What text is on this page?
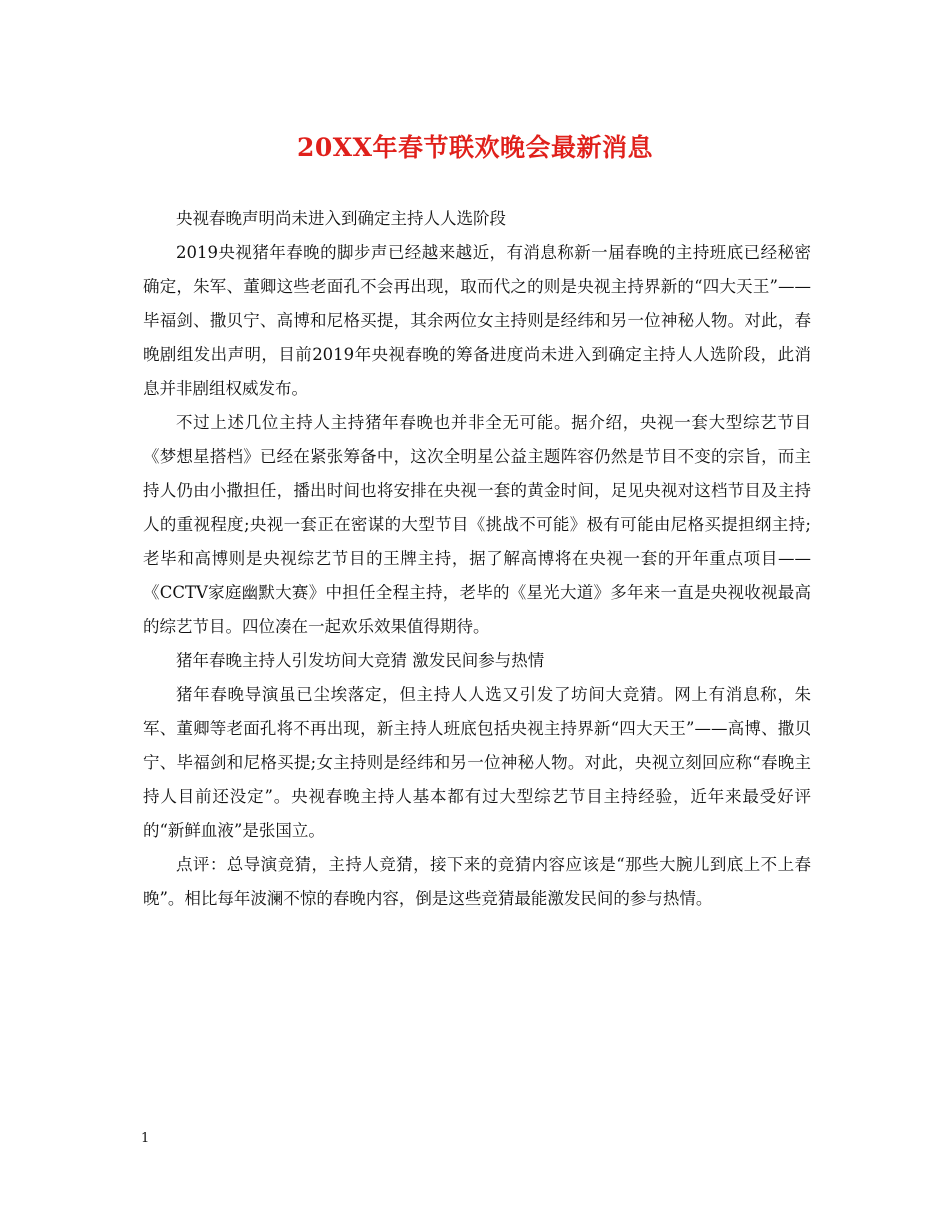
20XX年春节联欢晚会最新消息

央视春晚声明尚未进入到确定主持人人选阶段

2019央视猪年春晚的脚步声已经越来越近，有消息称新一届春晚的主持班底已经秘密确定，朱军、董卿这些老面孔不会再出现，取而代之的则是央视主持界新的“四大天王”——毕福剑、撒贝宁、高博和尼格买提，其余两位女主持则是经纬和另一位神秘人物。对此，春晚剧组发出声明，目前2019年央视春晚的筹备进度尚未进入到确定主持人人选阶段，此消息并非剧组权威发布。

不过上述几位主持人主持猪年春晚也并非全无可能。据介绍，央视一套大型综艺节目《梦想星搭档》已经在紧张筹备中，这次全明星公益主题阵容仍然是节目不变的宗旨，而主持人仍由小撒担任，播出时间也将安排在央视一套的黄金时间，足见央视对这档节目及主持人的重视程度;央视一套正在密谋的大型节目《挑战不可能》极有可能由尼格买提担纲主持;老毕和高博则是央视综艺节目的王牌主持，据了解高博将在央视一套的开年重点项目——《CCTV家庭幽默大赛》中担任全程主持，老毕的《星光大道》多年来一直是央视收视最高的综艺节目。四位凑在一起欢乐效果值得期待。

猪年春晚主持人引发坊间大竞猜 激发民间参与热情

猪年春晚导演虽已尘埃落定，但主持人人选又引发了坊间大竞猜。网上有消息称，朱军、董卿等老面孔将不再出现，新主持人班底包括央视主持界新“四大天王”——高博、撒贝宁、毕福剑和尼格买提;女主持则是经纬和另一位神秘人物。对此，央视立刻回应称“春晚主持人目前还没定”。央视春晚主持人基本都有过大型综艺节目主持经验，近年来最受好评的“新鲜血液”是张国立。

点评：总导演竞猜，主持人竞猜，接下来的竞猜内容应该是“那些大腕儿到底上不上春晚”。相比每年波澜不惊的春晚内容，倒是这些竞猜最能激发民间的参与热情。

1
